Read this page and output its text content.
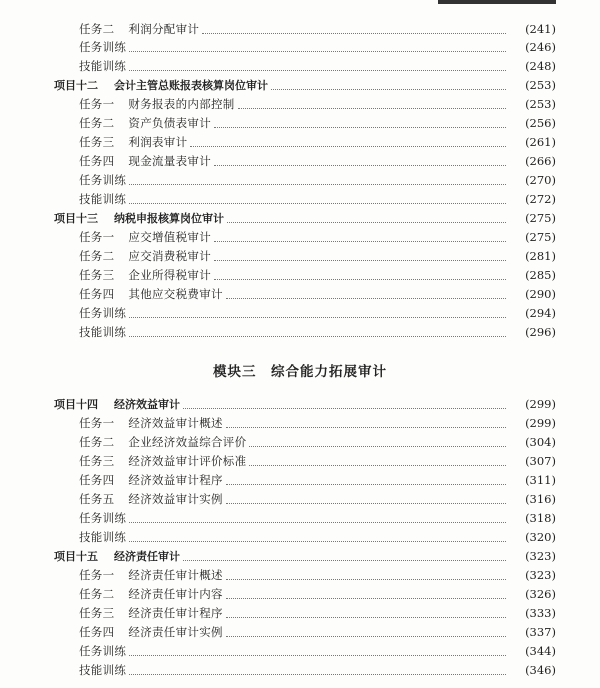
任务二 利润分配审计	(241)
任务训练	(246)
技能训练	(248)
项目十二 会计主管总账报表核算岗位审计	(253)
任务一 财务报表的内部控制	(253)
任务二 资产负债表审计	(256)
任务三 利润表审计	(261)
任务四 现金流量表审计	(266)
任务训练	(270)
技能训练	(272)
项目十三 纳税申报核算岗位审计	(275)
任务一 应交增值税审计	(275)
任务二 应交消费税审计	(281)
任务三 企业所得税审计	(285)
任务四 其他应交税费审计	(290)
任务训练	(294)
技能训练	(296)
模块三　综合能力拓展审计
项目十四 经济效益审计	(299)
任务一 经济效益审计概述	(299)
任务二 企业经济效益综合评价	(304)
任务三 经济效益审计评价标准	(307)
任务四 经济效益审计程序	(311)
任务五 经济效益审计实例	(316)
任务训练	(318)
技能训练	(320)
项目十五 经济责任审计	(323)
任务一 经济责任审计概述	(323)
任务二 经济责任审计内容	(326)
任务三 经济责任审计程序	(333)
任务四 经济责任审计实例	(337)
任务训练	(344)
技能训练	(346)
